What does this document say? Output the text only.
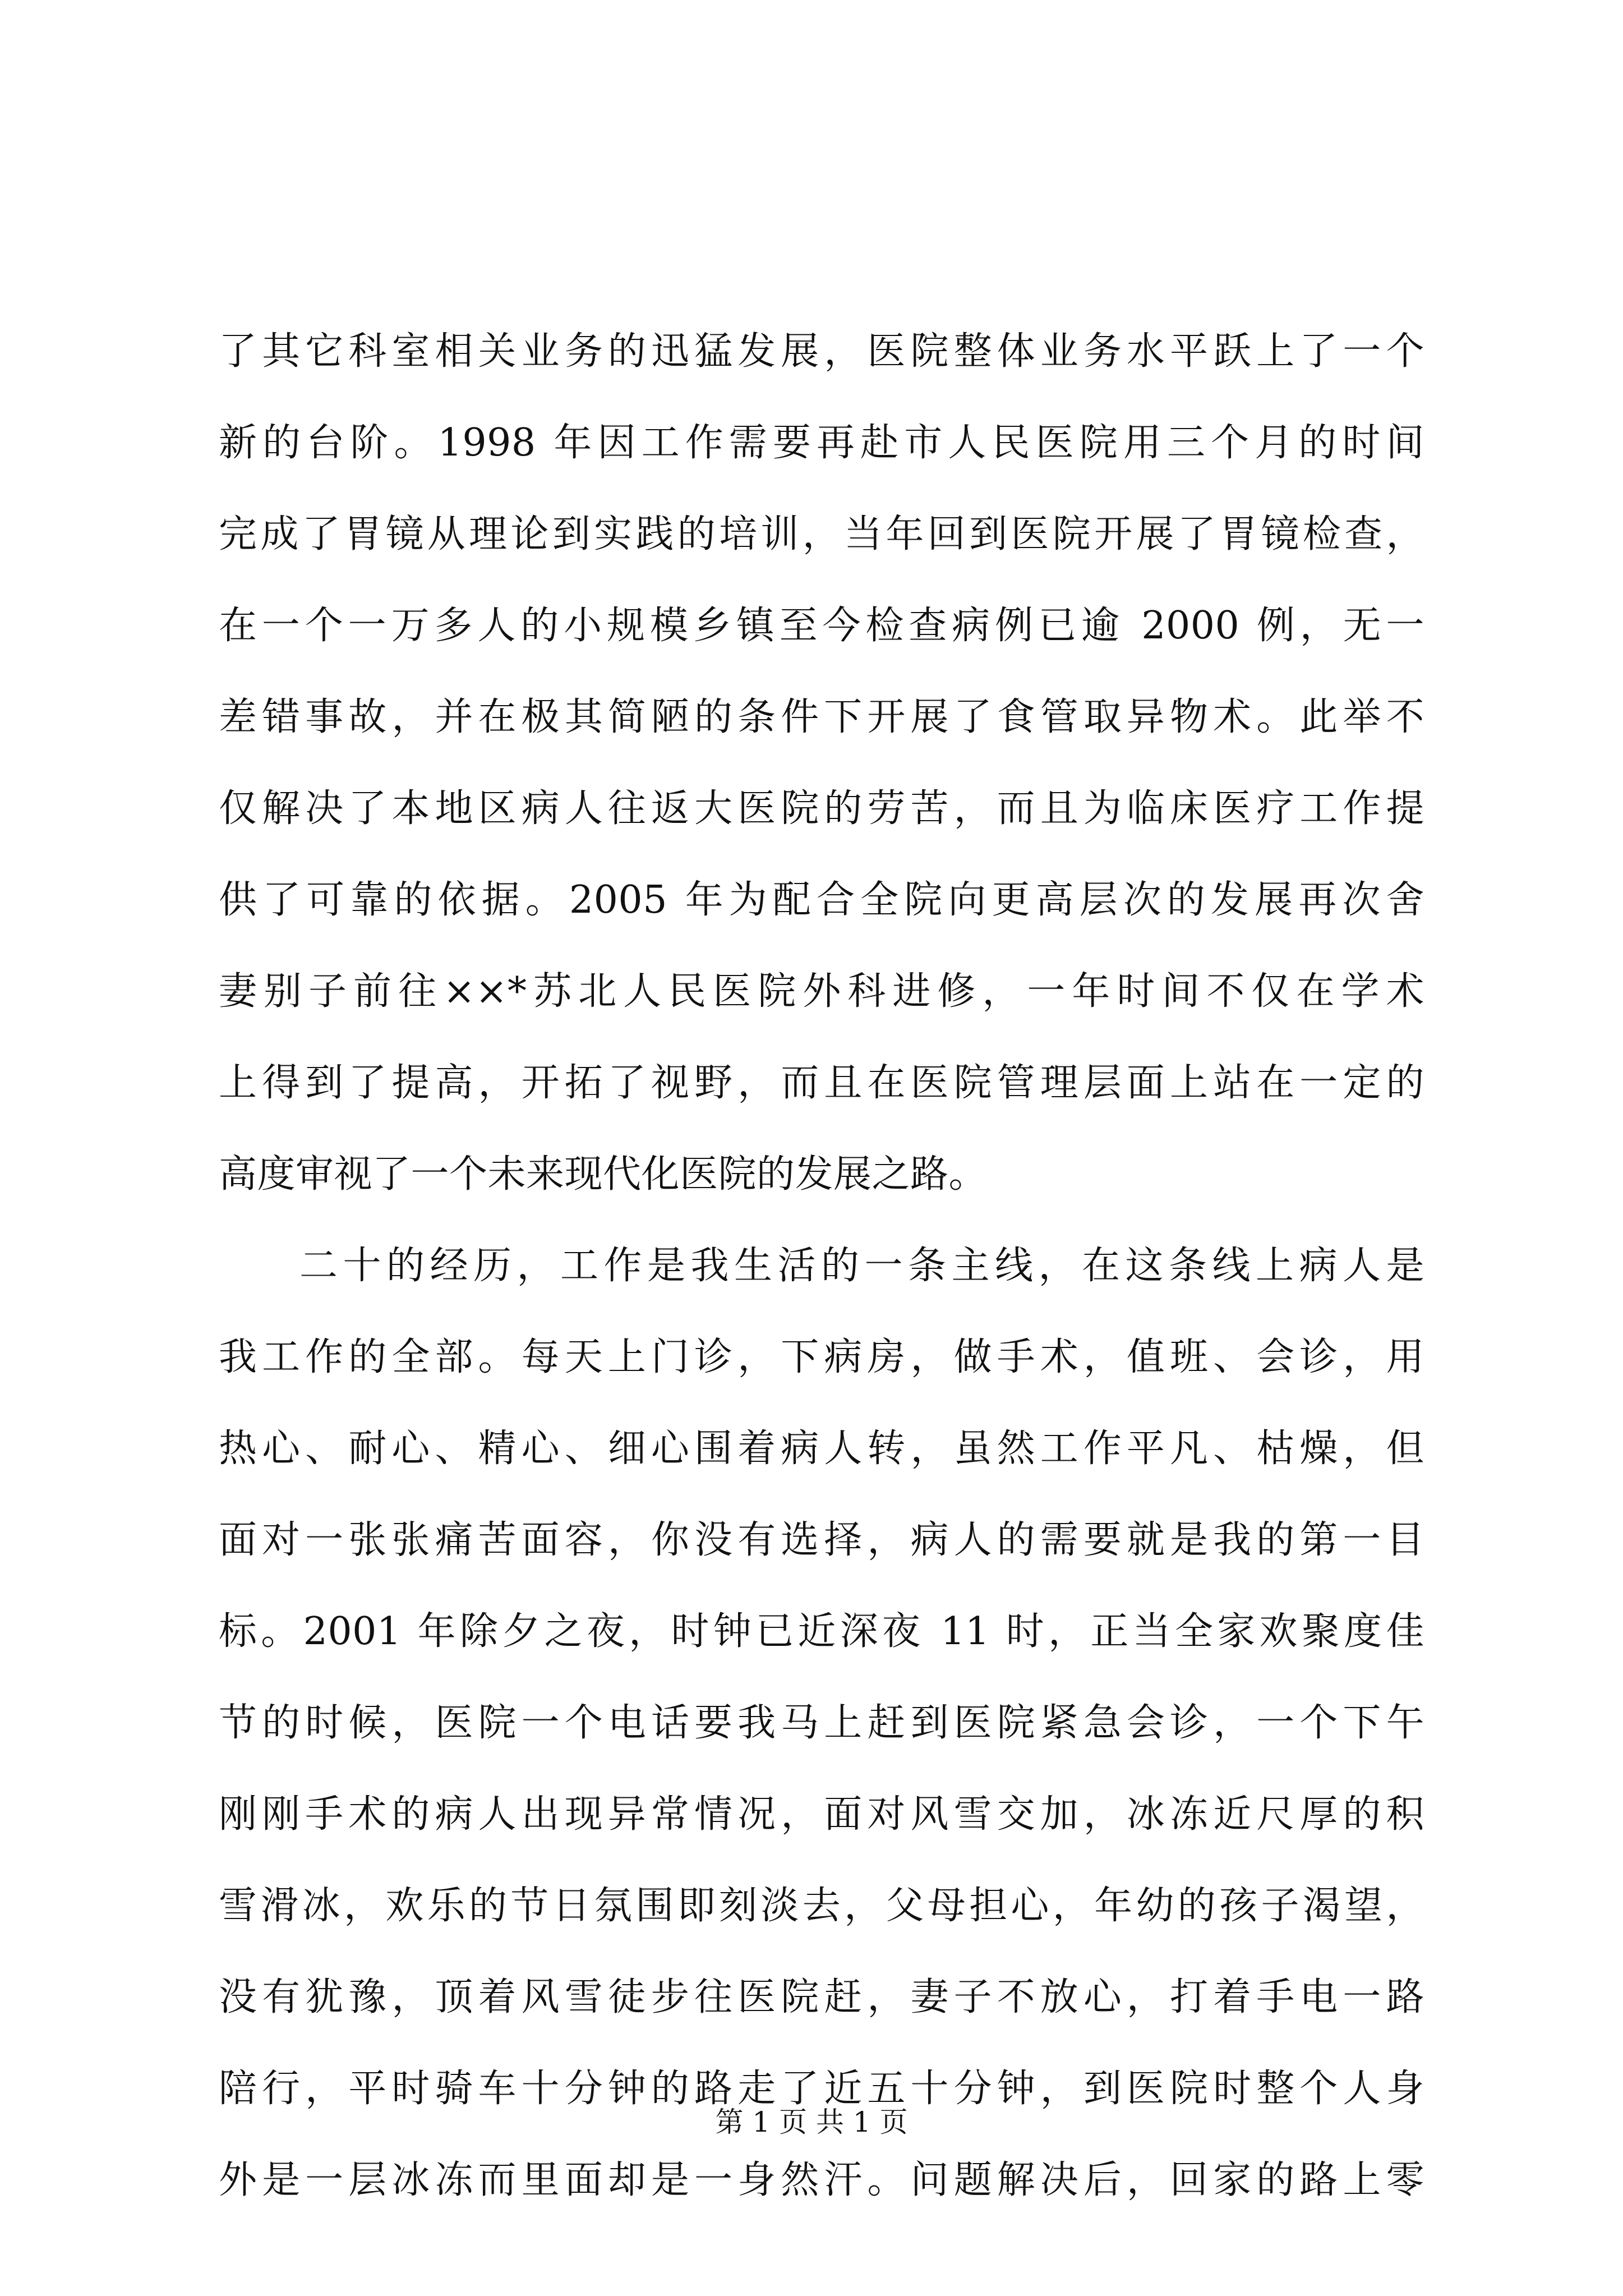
了其它科室相关业务的迅猛发展，医院整体业务水平跃上了一个
新的台阶。1998 年因工作需要再赴市人民医院用三个月的时间
完成了胃镜从理论到实践的培训，当年回到医院开展了胃镜检查，
在一个一万多人的小规模乡镇至今检查病例已逾 2000 例，无一
差错事故，并在极其简陋的条件下开展了食管取异物术。此举不
仅解决了本地区病人往返大医院的劳苦，而且为临床医疗工作提
供了可靠的依据。2005 年为配合全院向更高层次的发展再次舍
妻别子前往××*苏北人民医院外科进修，一年时间不仅在学术
上得到了提高，开拓了视野，而且在医院管理层面上站在一定的
高度审视了一个未来现代化医院的发展之路。
二十的经历，工作是我生活的一条主线，在这条线上病人是
我工作的全部。每天上门诊，下病房，做手术，值班、会诊，用
热心、耐心、精心、细心围着病人转，虽然工作平凡、枯燥，但
面对一张张痛苦面容，你没有选择，病人的需要就是我的第一目
标。2001 年除夕之夜，时钟已近深夜 11 时，正当全家欢聚度佳
节的时候，医院一个电话要我马上赶到医院紧急会诊，一个下午
刚刚手术的病人出现异常情况，面对风雪交加，冰冻近尺厚的积
雪滑冰，欢乐的节日氛围即刻淡去，父母担心，年幼的孩子渴望，
没有犹豫，顶着风雪徒步往医院赶，妻子不放心，打着手电一路
陪行，平时骑车十分钟的路走了近五十分钟，到医院时整个人身
外是一层冰冻而里面却是一身然汗。问题解决后，回家的路上零
第 1 页 共 1 页
